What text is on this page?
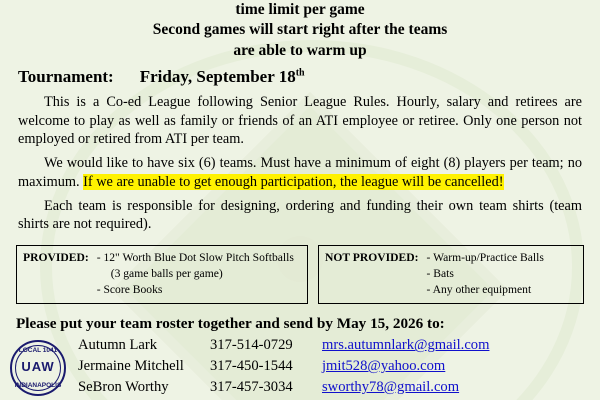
time limit per game
Second games will start right after the teams
are able to warm up
Tournament: Friday, September 18th

This is a Co-ed League following Senior League Rules. Hourly, salary and retirees are welcome to play as well as family or friends of an ATI employee or retiree. Only one person not employed or retired from ATI per team.

We would like to have six (6) teams. Must have a minimum of eight (8) players per team; no maximum. If we are unable to get enough participation, the league will be cancelled!

Each team is responsible for designing, ordering and funding their own team shirts (team shirts are not required).

PROVIDED: - 12" Worth Blue Dot Slow Pitch Softballs
(3 game balls per game)
- Score Books
NOT PROVIDED: - Warm-up/Practice Balls
- Bats
- Any other equipment
Please put your team roster together and send by May 15, 2026 to:
Autumn Lark	317-514-0729	mrs.autumnlark@gmail.com
Jermaine Mitchell	317-450-1544	jmit528@yahoo.com
SeBron Worthy	317-457-3034	sworthy78@gmail.com
LOCAL 1041
UAW
INDIANAPOLIS
